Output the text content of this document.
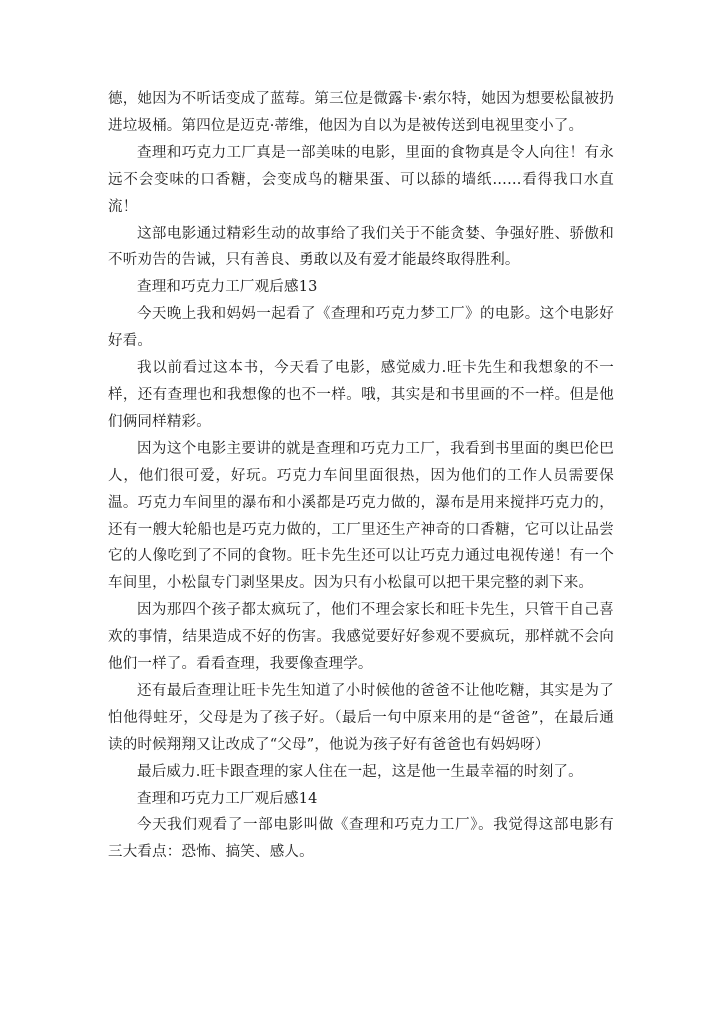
德，她因为不听话变成了蓝莓。第三位是微露卡·索尔特，她因为想要松鼠被扔进垃圾桶。第四位是迈克·蒂维，他因为自以为是被传送到电视里变小了。

查理和巧克力工厂真是一部美味的电影，里面的食物真是令人向往！有永远不会变味的口香糖，会变成鸟的糖果蛋、可以舔的墙纸……看得我口水直流！

这部电影通过精彩生动的故事给了我们关于不能贪婪、争强好胜、骄傲和不听劝告的告诫，只有善良、勇敢以及有爱才能最终取得胜利。

查理和巧克力工厂观后感13

今天晚上我和妈妈一起看了《查理和巧克力梦工厂》的电影。这个电影好好看。

我以前看过这本书，今天看了电影，感觉威力.旺卡先生和我想象的不一样，还有查理也和我想像的也不一样。哦，其实是和书里画的不一样。但是他们俩同样精彩。

因为这个电影主要讲的就是查理和巧克力工厂，我看到书里面的奥巴伦巴人，他们很可爱，好玩。巧克力车间里面很热，因为他们的工作人员需要保温。巧克力车间里的瀑布和小溪都是巧克力做的，瀑布是用来搅拌巧克力的，还有一艘大轮船也是巧克力做的，工厂里还生产神奇的口香糖，它可以让品尝它的人像吃到了不同的食物。旺卡先生还可以让巧克力通过电视传递！有一个车间里，小松鼠专门剥坚果皮。因为只有小松鼠可以把干果完整的剥下来。

因为那四个孩子都太疯玩了，他们不理会家长和旺卡先生，只管干自己喜欢的事情，结果造成不好的伤害。我感觉要好好参观不要疯玩，那样就不会向他们一样了。看看查理，我要像查理学。

还有最后查理让旺卡先生知道了小时候他的爸爸不让他吃糖，其实是为了怕他得蛀牙，父母是为了孩子好。（最后一句中原来用的是“爸爸”，在最后通读的时候翔翔又让改成了“父母”，他说为孩子好有爸爸也有妈妈呀）

最后威力.旺卡跟查理的家人住在一起，这是他一生最幸福的时刻了。

查理和巧克力工厂观后感14

今天我们观看了一部电影叫做《查理和巧克力工厂》。我觉得这部电影有三大看点：恐怖、搞笑、感人。
